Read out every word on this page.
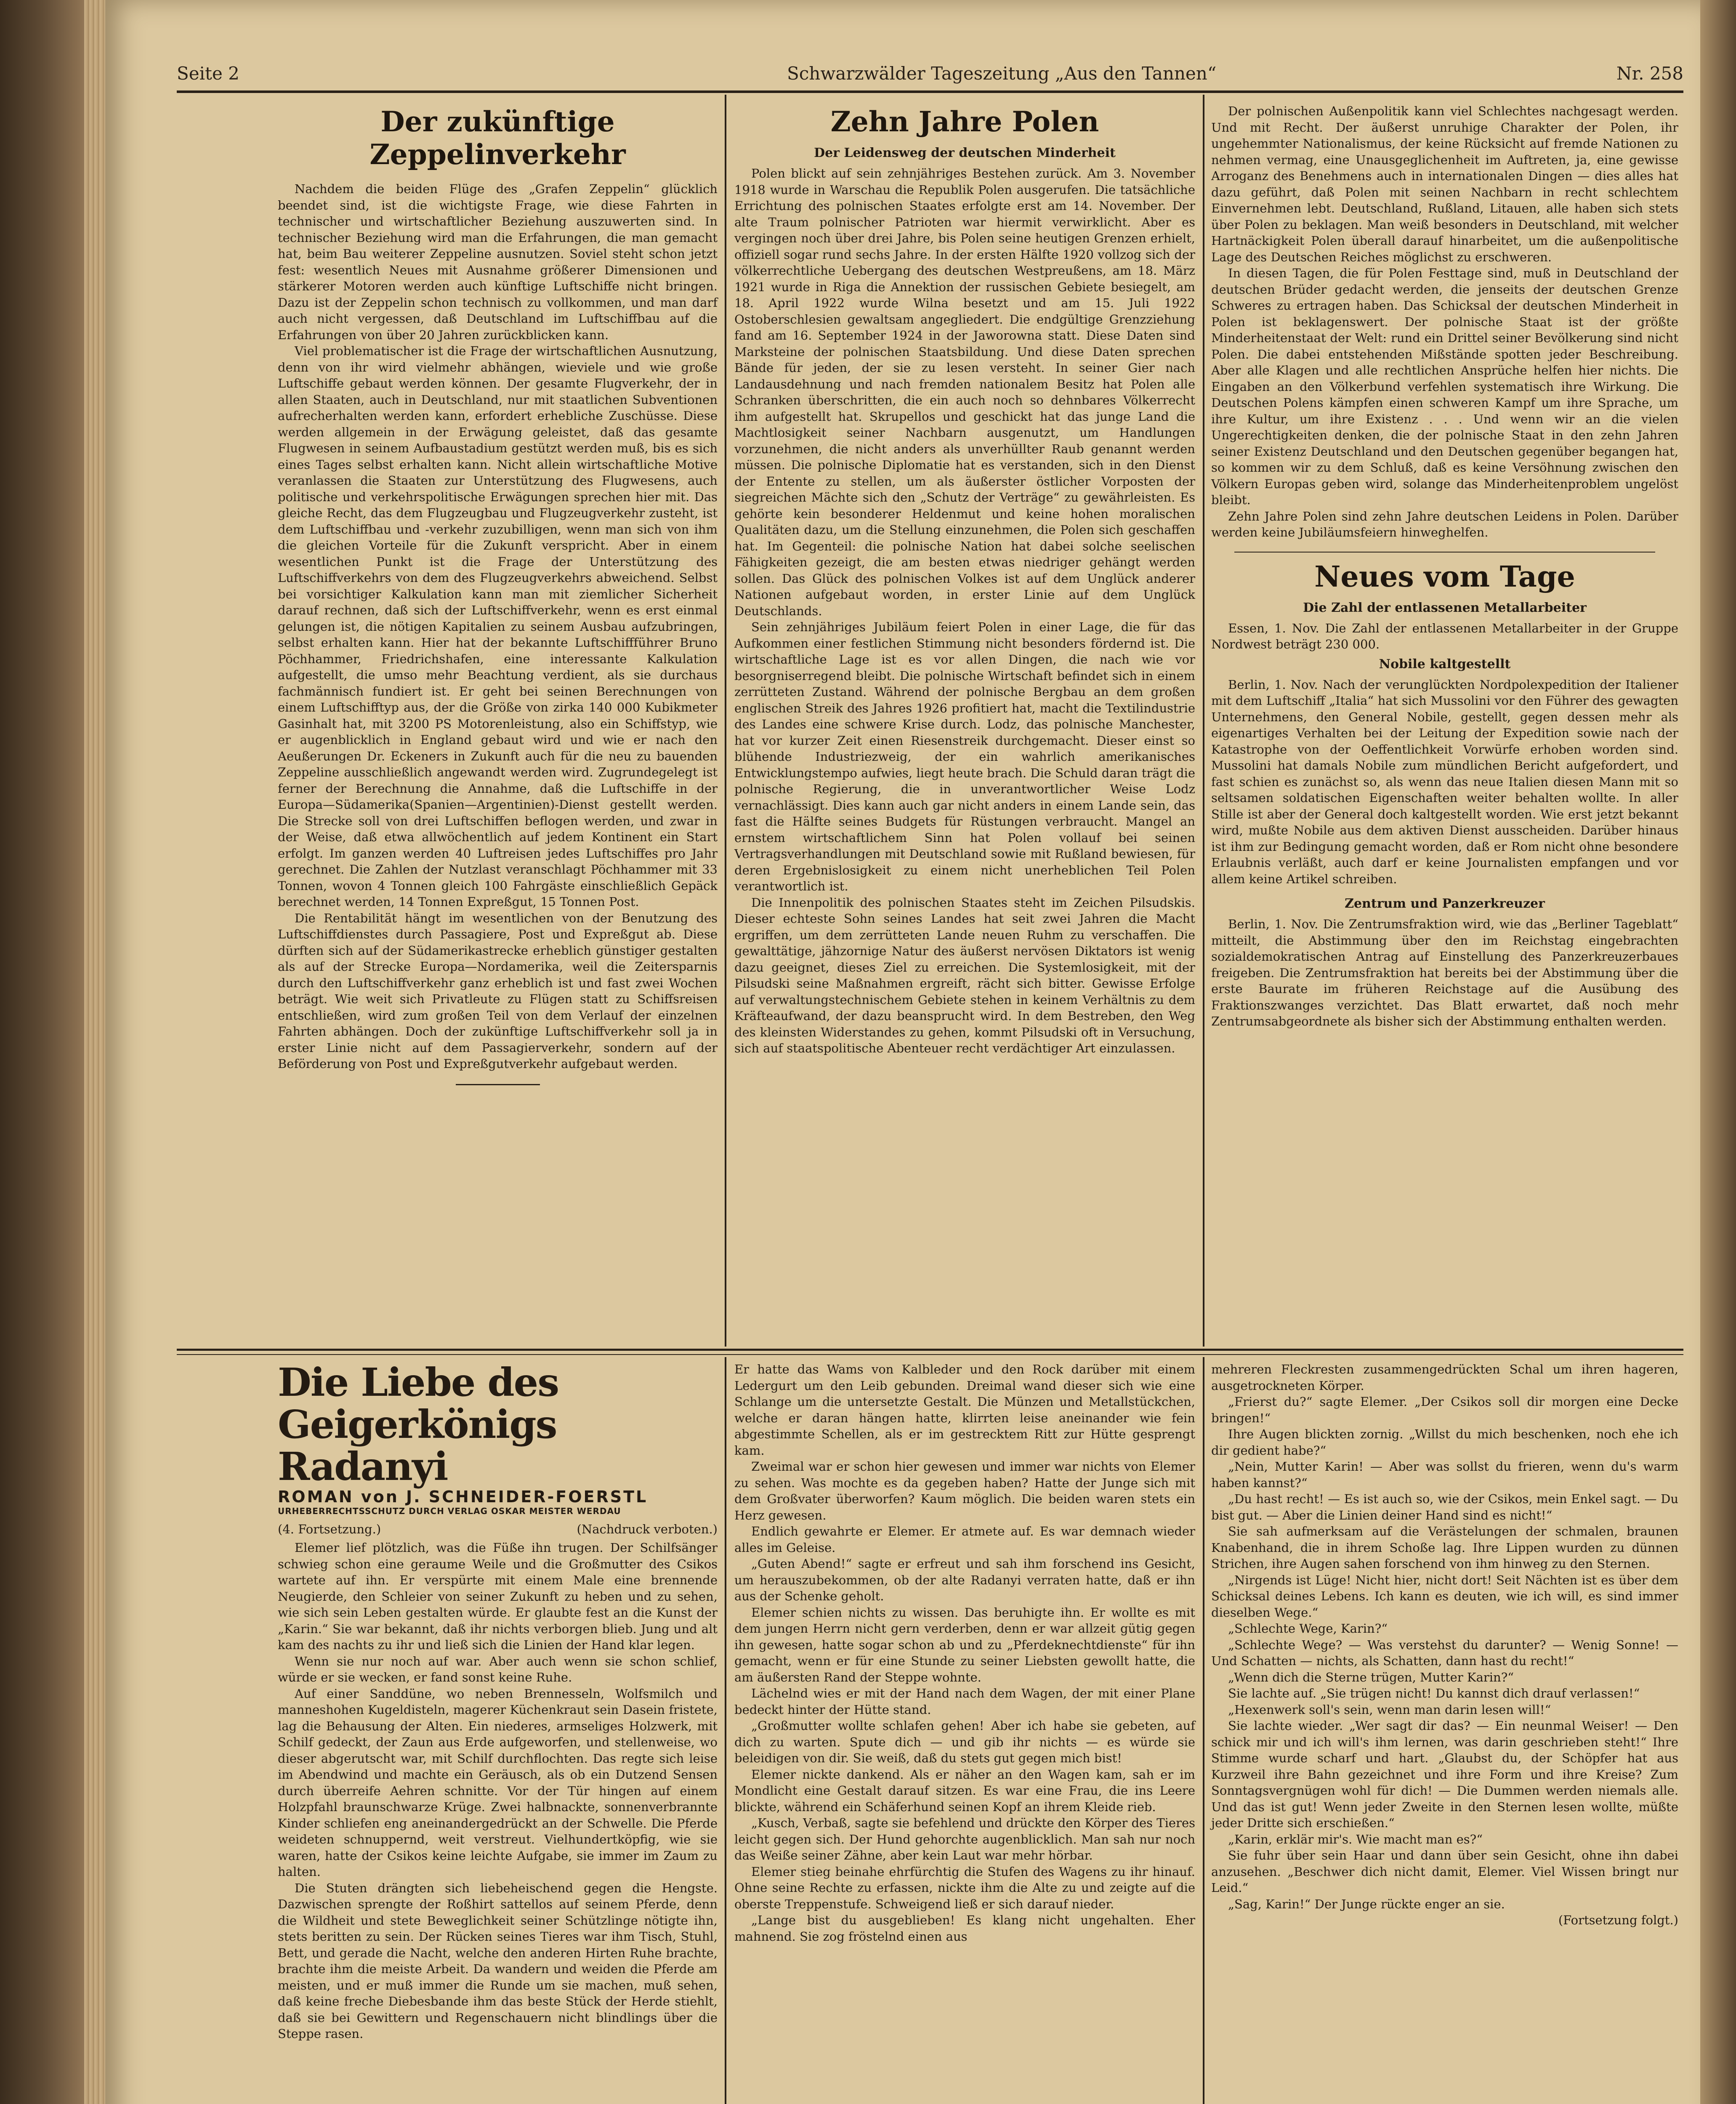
Seite 2	Schwarzwälder Tageszeitung „Aus den Tannen“	Nr. 258
Der zukünftige Zeppelinverkehr

Nachdem die beiden Flüge des „Grafen Zeppelin“ glücklich beendet sind, ist die wichtigste Frage, wie diese Fahrten in technischer und wirtschaftlicher Beziehung auszuwerten sind. In technischer Beziehung wird man die Erfahrungen, die man gemacht hat, beim Bau weiterer Zeppeline ausnutzen. Soviel steht schon jetzt fest: wesentlich Neues mit Ausnahme größerer Dimensionen und stärkerer Motoren werden auch künftige Luftschiffe nicht bringen. Dazu ist der Zeppelin schon technisch zu vollkommen, und man darf auch nicht vergessen, daß Deutschland im Luftschiffbau auf die Erfahrungen von über 20 Jahren zurückblicken kann.

Viel problematischer ist die Frage der wirtschaftlichen Ausnutzung, denn von ihr wird vielmehr abhängen, wieviele und wie große Luftschiffe gebaut werden können. Der gesamte Flugverkehr, der in allen Staaten, auch in Deutschland, nur mit staatlichen Subventionen aufrecherhalten werden kann, erfordert erhebliche Zuschüsse. Diese werden allgemein in der Erwägung geleistet, daß das gesamte Flugwesen in seinem Aufbaustadium gestützt werden muß, bis es sich eines Tages selbst erhalten kann. Nicht allein wirtschaftliche Motive veranlassen die Staaten zur Unterstützung des Flugwesens, auch politische und verkehrspolitische Erwägungen sprechen hier mit. Das gleiche Recht, das dem Flugzeugbau und Flugzeugverkehr zusteht, ist dem Luftschiffbau und -verkehr zuzubilligen, wenn man sich von ihm die gleichen Vorteile für die Zukunft verspricht. Aber in einem wesentlichen Punkt ist die Frage der Unterstützung des Luftschiffverkehrs von dem des Flugzeugverkehrs abweichend. Selbst bei vorsichtiger Kalkulation kann man mit ziemlicher Sicherheit darauf rechnen, daß sich der Luftschiffverkehr, wenn es erst einmal gelungen ist, die nötigen Kapitalien zu seinem Ausbau aufzubringen, selbst erhalten kann. Hier hat der bekannte Luftschiffführer Bruno Pöchhammer, Friedrichshafen, eine interessante Kalkulation aufgestellt, die umso mehr Beachtung verdient, als sie durchaus fachmännisch fundiert ist. Er geht bei seinen Berechnungen von einem Luftschifftyp aus, der die Größe von zirka 140 000 Kubikmeter Gasinhalt hat, mit 3200 PS Motorenleistung, also ein Schiffstyp, wie er augenblicklich in England gebaut wird und wie er nach den Aeußerungen Dr. Eckeners in Zukunft auch für die neu zu bauenden Zeppeline ausschließlich angewandt werden wird. Zugrundegelegt ist ferner der Berechnung die Annahme, daß die Luftschiffe in der Europa—Südamerika(Spanien—Argentinien)-Dienst gestellt werden. Die Strecke soll von drei Luftschiffen beflogen werden, und zwar in der Weise, daß etwa allwöchentlich auf jedem Kontinent ein Start erfolgt. Im ganzen werden 40 Luftreisen jedes Luftschiffes pro Jahr gerechnet. Die Zahlen der Nutzlast veranschlagt Pöchhammer mit 33 Tonnen, wovon 4 Tonnen gleich 100 Fahrgäste einschließlich Gepäck berechnet werden, 14 Tonnen Expreßgut, 15 Tonnen Post.

Die Rentabilität hängt im wesentlichen von der Benutzung des Luftschiffdienstes durch Passagiere, Post und Expreßgut ab. Diese dürften sich auf der Südamerikastrecke erheblich günstiger gestalten als auf der Strecke Europa—Nordamerika, weil die Zeitersparnis durch den Luftschiffverkehr ganz erheblich ist und fast zwei Wochen beträgt. Wie weit sich Privatleute zu Flügen statt zu Schiffsreisen entschließen, wird zum großen Teil von dem Verlauf der einzelnen Fahrten abhängen. Doch der zukünftige Luftschiffverkehr soll ja in erster Linie nicht auf dem Passagierverkehr, sondern auf der Beförderung von Post und Expreßgutverkehr aufgebaut werden.

Zehn Jahre Polen
Der Leidensweg der deutschen Minderheit

Polen blickt auf sein zehnjähriges Bestehen zurück. Am 3. November 1918 wurde in Warschau die Republik Polen ausgerufen. Die tatsächliche Errichtung des polnischen Staates erfolgte erst am 14. November. Der alte Traum polnischer Patrioten war hiermit verwirklicht. Aber es vergingen noch über drei Jahre, bis Polen seine heutigen Grenzen erhielt, offiziell sogar rund sechs Jahre. In der ersten Hälfte 1920 vollzog sich der völkerrechtliche Uebergang des deutschen Westpreußens, am 18. März 1921 wurde in Riga die Annektion der russischen Gebiete besiegelt, am 18. April 1922 wurde Wilna besetzt und am 15. Juli 1922 Ostoberschlesien gewaltsam angegliedert. Die endgültige Grenzziehung fand am 16. September 1924 in der Jaworowna statt. Diese Daten sind Marksteine der polnischen Staatsbildung. Und diese Daten sprechen Bände für jeden, der sie zu lesen versteht. In seiner Gier nach Landausdehnung und nach fremden nationalem Besitz hat Polen alle Schranken überschritten, die ein auch noch so dehnbares Völkerrecht ihm aufgestellt hat. Skrupellos und geschickt hat das junge Land die Machtlosigkeit seiner Nachbarn ausgenutzt, um Handlungen vorzunehmen, die nicht anders als unverhüllter Raub genannt werden müssen. Die polnische Diplomatie hat es verstanden, sich in den Dienst der Entente zu stellen, um als äußerster östlicher Vorposten der siegreichen Mächte sich den „Schutz der Verträge“ zu gewährleisten. Es gehörte kein besonderer Heldenmut und keine hohen moralischen Qualitäten dazu, um die Stellung einzunehmen, die Polen sich geschaffen hat. Im Gegenteil: die polnische Nation hat dabei solche seelischen Fähigkeiten gezeigt, die am besten etwas niedriger gehängt werden sollen. Das Glück des polnischen Volkes ist auf dem Unglück anderer Nationen aufgebaut worden, in erster Linie auf dem Unglück Deutschlands.

Sein zehnjähriges Jubiläum feiert Polen in einer Lage, die für das Aufkommen einer festlichen Stimmung nicht besonders fördernd ist. Die wirtschaftliche Lage ist es vor allen Dingen, die nach wie vor besorgniserregend bleibt. Die polnische Wirtschaft befindet sich in einem zerrütteten Zustand. Während der polnische Bergbau an dem großen englischen Streik des Jahres 1926 profitiert hat, macht die Textilindustrie des Landes eine schwere Krise durch. Lodz, das polnische Manchester, hat vor kurzer Zeit einen Riesenstreik durchgemacht. Dieser einst so blühende Industriezweig, der ein wahrlich amerikanisches Entwicklungstempo aufwies, liegt heute brach. Die Schuld daran trägt die polnische Regierung, die in unverantwortlicher Weise Lodz vernachlässigt. Dies kann auch gar nicht anders in einem Lande sein, das fast die Hälfte seines Budgets für Rüstungen verbraucht. Mangel an ernstem wirtschaftlichem Sinn hat Polen vollauf bei seinen Vertragsverhandlungen mit Deutschland sowie mit Rußland bewiesen, für deren Ergebnislosigkeit zu einem nicht unerheblichen Teil Polen verantwortlich ist.

Die Innenpolitik des polnischen Staates steht im Zeichen Pilsudskis. Dieser echteste Sohn seines Landes hat seit zwei Jahren die Macht ergriffen, um dem zerrütteten Lande neuen Ruhm zu verschaffen. Die gewalttätige, jähzornige Natur des äußerst nervösen Diktators ist wenig dazu geeignet, dieses Ziel zu erreichen. Die Systemlosigkeit, mit der Pilsudski seine Maßnahmen ergreift, rächt sich bitter. Gewisse Erfolge auf verwaltungstechnischem Gebiete stehen in keinem Verhältnis zu dem Kräfteaufwand, der dazu beansprucht wird. In dem Bestreben, den Weg des kleinsten Widerstandes zu gehen, kommt Pilsudski oft in Versuchung, sich auf staatspolitische Abenteuer recht verdächtiger Art einzulassen.

Der polnischen Außenpolitik kann viel Schlechtes nachgesagt werden. Und mit Recht. Der äußerst unruhige Charakter der Polen, ihr ungehemmter Nationalismus, der keine Rücksicht auf fremde Nationen zu nehmen vermag, eine Unausgeglichenheit im Auftreten, ja, eine gewisse Arroganz des Benehmens auch in internationalen Dingen — dies alles hat dazu geführt, daß Polen mit seinen Nachbarn in recht schlechtem Einvernehmen lebt. Deutschland, Rußland, Litauen, alle haben sich stets über Polen zu beklagen. Man weiß besonders in Deutschland, mit welcher Hartnäckigkeit Polen überall darauf hinarbeitet, um die außenpolitische Lage des Deutschen Reiches möglichst zu erschweren.

In diesen Tagen, die für Polen Festtage sind, muß in Deutschland der deutschen Brüder gedacht werden, die jenseits der deutschen Grenze Schweres zu ertragen haben. Das Schicksal der deutschen Minderheit in Polen ist beklagenswert. Der polnische Staat ist der größte Minderheitenstaat der Welt: rund ein Drittel seiner Bevölkerung sind nicht Polen. Die dabei entstehenden Mißstände spotten jeder Beschreibung. Aber alle Klagen und alle rechtlichen Ansprüche helfen hier nichts. Die Eingaben an den Völkerbund verfehlen systematisch ihre Wirkung. Die Deutschen Polens kämpfen einen schweren Kampf um ihre Sprache, um ihre Kultur, um ihre Existenz . . . Und wenn wir an die vielen Ungerechtigkeiten denken, die der polnische Staat in den zehn Jahren seiner Existenz Deutschland und den Deutschen gegenüber begangen hat, so kommen wir zu dem Schluß, daß es keine Versöhnung zwischen den Völkern Europas geben wird, solange das Minderheitenproblem ungelöst bleibt.

Zehn Jahre Polen sind zehn Jahre deutschen Leidens in Polen. Darüber werden keine Jubiläumsfeiern hinweghelfen.

Neues vom Tage
Die Zahl der entlassenen Metallarbeiter

Essen, 1. Nov. Die Zahl der entlassenen Metallarbeiter in der Gruppe Nordwest beträgt 230 000.

Nobile kaltgestellt

Berlin, 1. Nov. Nach der verunglückten Nordpolexpedition der Italiener mit dem Luftschiff „Italia“ hat sich Mussolini vor den Führer des gewagten Unternehmens, den General Nobile, gestellt, gegen dessen mehr als eigenartiges Verhalten bei der Leitung der Expedition sowie nach der Katastrophe von der Oeffentlichkeit Vorwürfe erhoben worden sind. Mussolini hat damals Nobile zum mündlichen Bericht aufgefordert, und fast schien es zunächst so, als wenn das neue Italien diesen Mann mit so seltsamen soldatischen Eigenschaften weiter behalten wollte. In aller Stille ist aber der General doch kaltgestellt worden. Wie erst jetzt bekannt wird, mußte Nobile aus dem aktiven Dienst ausscheiden. Darüber hinaus ist ihm zur Bedingung gemacht worden, daß er Rom nicht ohne besondere Erlaubnis verläßt, auch darf er keine Journalisten empfangen und vor allem keine Artikel schreiben.

Zentrum und Panzerkreuzer

Berlin, 1. Nov. Die Zentrumsfraktion wird, wie das „Berliner Tageblatt“ mitteilt, die Abstimmung über den im Reichstag eingebrachten sozialdemokratischen Antrag auf Einstellung des Panzerkreuzerbaues freigeben. Die Zentrumsfraktion hat bereits bei der Abstimmung über die erste Baurate im früheren Reichstage auf die Ausübung des Fraktionszwanges verzichtet. Das Blatt erwartet, daß noch mehr Zentrumsabgeordnete als bisher sich der Abstimmung enthalten werden.

Die Liebe des Geigerkönigs Radanyi
ROMAN von J. SCHNEIDER-FOERSTL
URHEBERRECHTSSCHUTZ DURCH VERLAG OSKAR MEISTER WERDAU
(4. Fortsetzung.)	(Nachdruck verboten.)

Elemer lief plötzlich, was die Füße ihn trugen. Der Schilfsänger schwieg schon eine geraume Weile und die Großmutter des Csikos wartete auf ihn. Er verspürte mit einem Male eine brennende Neugierde, den Schleier von seiner Zukunft zu heben und zu sehen, wie sich sein Leben gestalten würde. Er glaubte fest an die Kunst der „Karin.“ Sie war bekannt, daß ihr nichts verborgen blieb. Jung und alt kam des nachts zu ihr und ließ sich die Linien der Hand klar legen.

Wenn sie nur noch auf war. Aber auch wenn sie schon schlief, würde er sie wecken, er fand sonst keine Ruhe.

Auf einer Sanddüne, wo neben Brennesseln, Wolfsmilch und manneshohen Kugeldisteln, magerer Küchenkraut sein Dasein fristete, lag die Behausung der Alten. Ein niederes, armseliges Holzwerk, mit Schilf gedeckt, der Zaun aus Erde aufgeworfen, und stellenweise, wo dieser abgerutscht war, mit Schilf durchflochten. Das regte sich leise im Abendwind und machte ein Geräusch, als ob ein Dutzend Sensen durch überreife Aehren schnitte. Vor der Tür hingen auf einem Holzpfahl braunschwarze Krüge. Zwei halbnackte, sonnenverbrannte Kinder schliefen eng aneinandergedrückt an der Schwelle. Die Pferde weideten schnuppernd, weit verstreut. Vielhundertköpfig, wie sie waren, hatte der Csikos keine leichte Aufgabe, sie immer im Zaum zu halten.

Die Stuten drängten sich liebeheischend gegen die Hengste. Dazwischen sprengte der Roßhirt sattellos auf seinem Pferde, denn die Wildheit und stete Beweglichkeit seiner Schützlinge nötigte ihn, stets beritten zu sein. Der Rücken seines Tieres war ihm Tisch, Stuhl, Bett, und gerade die Nacht, welche den anderen Hirten Ruhe brachte, brachte ihm die meiste Arbeit. Da wandern und weiden die Pferde am meisten, und er muß immer die Runde um sie machen, muß sehen, daß keine freche Diebesbande ihm das beste Stück der Herde stiehlt, daß sie bei Gewittern und Regenschauern nicht blindlings über die Steppe rasen.

Er hatte das Wams von Kalbleder und den Rock darüber mit einem Ledergurt um den Leib gebunden. Dreimal wand dieser sich wie eine Schlange um die untersetzte Gestalt. Die Münzen und Metallstückchen, welche er daran hängen hatte, klirrten leise aneinander wie fein abgestimmte Schellen, als er im gestrecktem Ritt zur Hütte gesprengt kam.

Zweimal war er schon hier gewesen und immer war nichts von Elemer zu sehen. Was mochte es da gegeben haben? Hatte der Junge sich mit dem Großvater überworfen? Kaum möglich. Die beiden waren stets ein Herz gewesen.

Endlich gewahrte er Elemer. Er atmete auf. Es war demnach wieder alles im Geleise.

„Guten Abend!“ sagte er erfreut und sah ihm forschend ins Gesicht, um herauszubekommen, ob der alte Radanyi verraten hatte, daß er ihn aus der Schenke geholt.

Elemer schien nichts zu wissen. Das beruhigte ihn. Er wollte es mit dem jungen Herrn nicht gern verderben, denn er war allzeit gütig gegen ihn gewesen, hatte sogar schon ab und zu „Pferdeknechtdienste“ für ihn gemacht, wenn er für eine Stunde zu seiner Liebsten gewollt hatte, die am äußersten Rand der Steppe wohnte.

Lächelnd wies er mit der Hand nach dem Wagen, der mit einer Plane bedeckt hinter der Hütte stand.

„Großmutter wollte schlafen gehen! Aber ich habe sie gebeten, auf dich zu warten. Spute dich — und gib ihr nichts — es würde sie beleidigen von dir. Sie weiß, daß du stets gut gegen mich bist!

Elemer nickte dankend. Als er näher an den Wagen kam, sah er im Mondlicht eine Gestalt darauf sitzen. Es war eine Frau, die ins Leere blickte, während ein Schäferhund seinen Kopf an ihrem Kleide rieb.

„Kusch, Verbaß, sagte sie befehlend und drückte den Körper des Tieres leicht gegen sich. Der Hund gehorchte augenblicklich. Man sah nur noch das Weiße seiner Zähne, aber kein Laut war mehr hörbar.

Elemer stieg beinahe ehrfürchtig die Stufen des Wagens zu ihr hinauf. Ohne seine Rechte zu erfassen, nickte ihm die Alte zu und zeigte auf die oberste Treppenstufe. Schweigend ließ er sich darauf nieder.

„Lange bist du ausgeblieben! Es klang nicht ungehalten. Eher mahnend. Sie zog fröstelnd einen aus

mehreren Fleckresten zusammengedrückten Schal um ihren hageren, ausgetrockneten Körper.

„Frierst du?“ sagte Elemer. „Der Csikos soll dir morgen eine Decke bringen!“

Ihre Augen blickten zornig. „Willst du mich beschenken, noch ehe ich dir gedient habe?“

„Nein, Mutter Karin! — Aber was sollst du frieren, wenn du's warm haben kannst?“

„Du hast recht! — Es ist auch so, wie der Csikos, mein Enkel sagt. — Du bist gut. — Aber die Linien deiner Hand sind es nicht!“

Sie sah aufmerksam auf die Verästelungen der schmalen, braunen Knabenhand, die in ihrem Schoße lag. Ihre Lippen wurden zu dünnen Strichen, ihre Augen sahen forschend von ihm hinweg zu den Sternen.

„Nirgends ist Lüge! Nicht hier, nicht dort! Seit Nächten ist es über dem Schicksal deines Lebens. Ich kann es deuten, wie ich will, es sind immer dieselben Wege.“

„Schlechte Wege, Karin?“

„Schlechte Wege? — Was verstehst du darunter? — Wenig Sonne! — Und Schatten — nichts, als Schatten, dann hast du recht!“

„Wenn dich die Sterne trügen, Mutter Karin?“

Sie lachte auf. „Sie trügen nicht! Du kannst dich drauf verlassen!“

„Hexenwerk soll's sein, wenn man darin lesen will!“

Sie lachte wieder. „Wer sagt dir das? — Ein neunmal Weiser! — Den schick mir und ich will's ihm lernen, was darin geschrieben steht!“ Ihre Stimme wurde scharf und hart. „Glaubst du, der Schöpfer hat aus Kurzweil ihre Bahn gezeichnet und ihre Form und ihre Kreise? Zum Sonntagsvergnügen wohl für dich! — Die Dummen werden niemals alle. Und das ist gut! Wenn jeder Zweite in den Sternen lesen wollte, müßte jeder Dritte sich erschießen.“

„Karin, erklär mir's. Wie macht man es?“

Sie fuhr über sein Haar und dann über sein Gesicht, ohne ihn dabei anzusehen. „Beschwer dich nicht damit, Elemer. Viel Wissen bringt nur Leid.“

„Sag, Karin!“ Der Junge rückte enger an sie.

(Fortsetzung folgt.)
